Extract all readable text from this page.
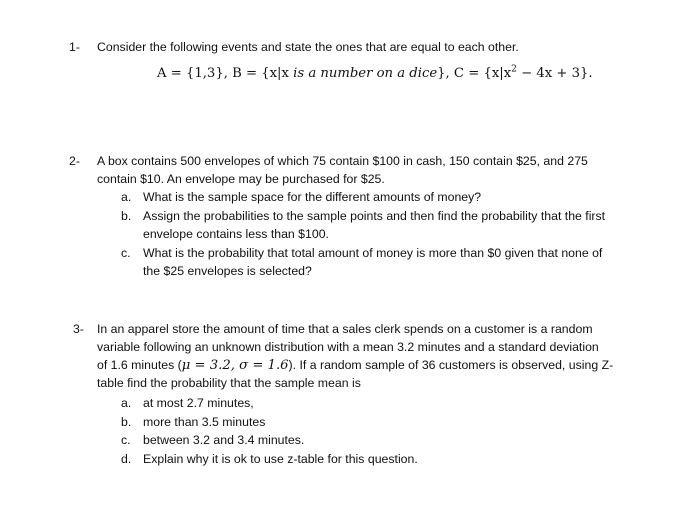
1- Consider the following events and state the ones that are equal to each other.
A = {1,3}, B = {x|x is a number on a dice}, $C = \{x|x^2 - 4x + 3\}$.
2- A box contains 500 envelopes of which 75 contain $100 in cash, 150 contain $25, and 275
contain $10. An envelope may be purchased for $25.
a. What is the sample space for the different amounts of money?
b. Assign the probabilities to the sample points and then find the probability that the first
envelope contains less than $100.
c. What is the probability that total amount of money is more than $0 given that none of
the $25 envelopes is selected?
3- In an apparel store the amount of time that a sales clerk spends on a customer is a random
variable following an unknown distribution with a mean 3.2 minutes and a standard deviation
of 1.6 minutes (μ = 3.2, σ = 1.6). If a random sample of 36 customers is observed, using Z-
table find the probability that the sample mean is
a. at most 2.7 minutes,
b. more than 3.5 minutes
c. between 3.2 and 3.4 minutes.
d. Explain why it is ok to use z-table for this question.
